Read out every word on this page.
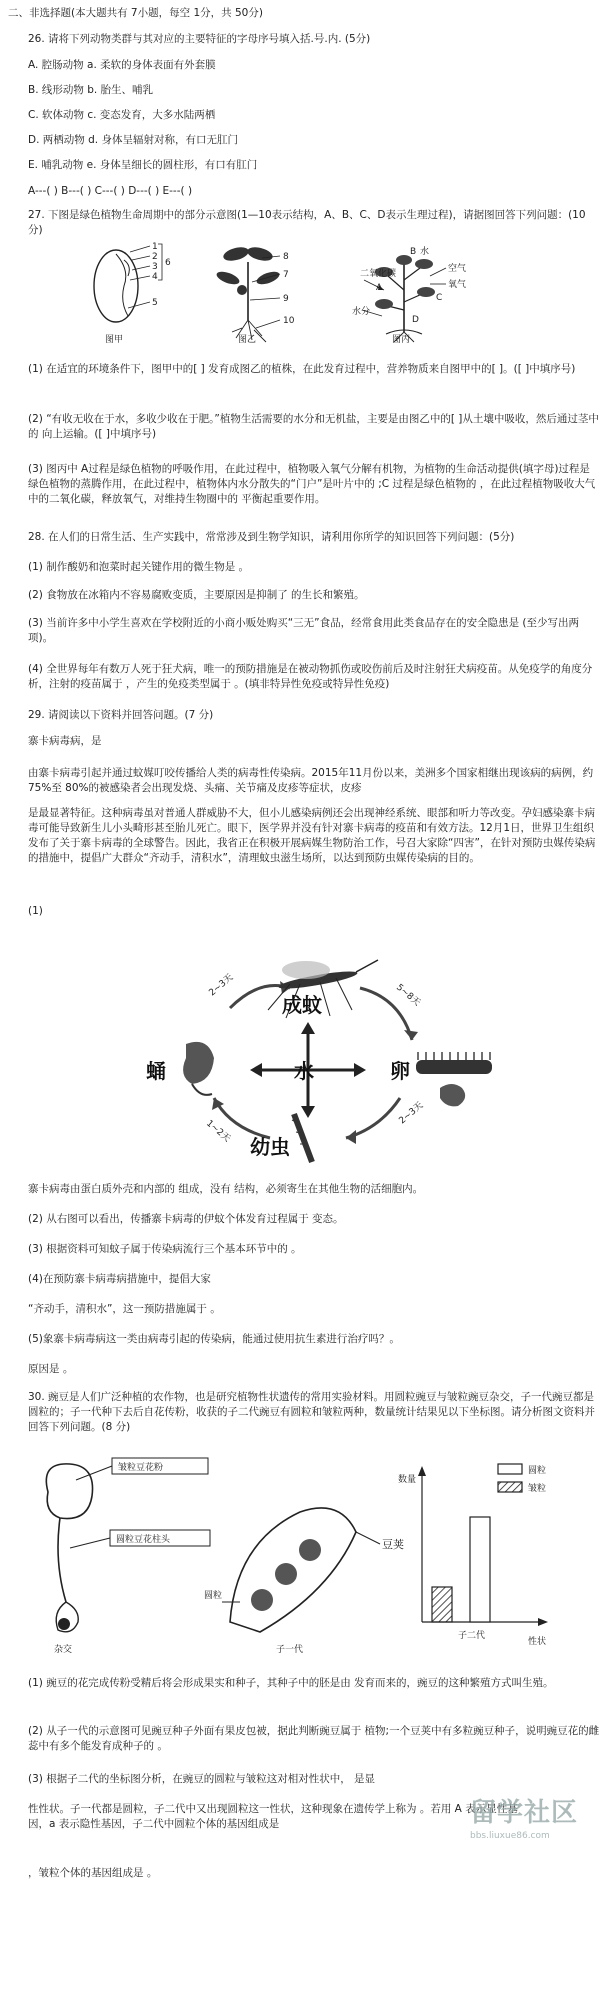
二、非选择题(本大题共有 7小题，每空 1分，共 50分)
26. 请将下列动物类群与其对应的主要特征的字母序号填入括.号.内. (5分)
A. 腔肠动物 a. 柔软的身体表面有外套膜
B. 线形动物 b. 胎生、哺乳
C. 软体动物 c. 变态发育，大多水陆两栖
D. 两栖动物 d. 身体呈辐射对称，有口无肛门
E. 哺乳动物 e. 身体呈细长的圆柱形，有口有肛门
A---( ) B---( ) C---( ) D---( ) E---( )
27. 下图是绿色植物生命周期中的部分示意图(1—10表示结构，A、B、C、D表示生理过程)，请据图回答下列问题：(10分)
1
2
3
4
6
5
图甲
8
7
9
10
图乙
二氧化碳
B 水
A
空气
氧气
C
水分
D
图丙
(1) 在适宜的环境条件下，图甲中的[ ] 发育成图乙的植株，在此发育过程中，营养物质来自图甲中的[ ]。([ ]中填序号)
(2) “有收无收在于水，多收少收在于肥。”植物生活需要的水分和无机盐，主要是由图乙中的[ ]从土壤中吸收，然后通过茎中的 向上运输。([ ]中填序号)
(3) 图丙中 A过程是绿色植物的呼吸作用，在此过程中，植物吸入氧气分解有机物，为植物的生命活动提供(填字母)过程是绿色植物的蒸腾作用，在此过程中，植物体内水分散失的“门户”是叶片中的 ;C 过程是绿色植物的 ，在此过程植物吸收大气中的二氧化碳，释放氧气，对维持生物圈中的 平衡起重要作用。
28. 在人们的日常生活、生产实践中，常常涉及到生物学知识，请利用你所学的知识回答下列问题：(5分)
(1) 制作酸奶和泡菜时起关键作用的微生物是 。
(2) 食物放在冰箱内不容易腐败变质，主要原因是抑制了 的生长和繁殖。
(3) 当前许多中小学生喜欢在学校附近的小商小贩处购买“三无”食品，经常食用此类食品存在的安全隐患是 (至少写出两项)。
(4) 全世界每年有数万人死于狂犬病，唯一的预防措施是在被动物抓伤或咬伤前后及时注射狂犬病疫苗。从免疫学的角度分析，注射的疫苗属于 ，产生的免疫类型属于 。(填非特异性免疫或特异性免疫)
29. 请阅读以下资料并回答问题。(7 分)
寨卡病毒病，是
由寨卡病毒引起并通过蚊媒叮咬传播给人类的病毒性传染病。2015年11月份以来，美洲多个国家相继出现该病的病例，约 75%至 80%的被感染者会出现发烧、头痛、关节痛及皮疹等症状，皮疹
是最显著特征。这种病毒虽对普通人群威胁不大，但小儿感染病例还会出现神经系统、眼部和听力等改变。孕妇感染寨卡病毒可能导致新生儿小头畸形甚至胎儿死亡。眼下，医学界并没有针对寨卡病毒的疫苗和有效方法。12月1日，世界卫生组织发布了关于寨卡病毒的全球警告。因此，我省正在积极开展病媒生物防治工作，号召大家除“四害”，在针对预防虫媒传染病的措施中，提倡广大群众“齐动手，清积水”，清理蚊虫滋生场所，以达到预防虫媒传染病的目的。
(1)
成蚊
蛹	水	卵
幼虫
2~3天	5~8天
2~3天
1~2天
寨卡病毒由蛋白质外壳和内部的 组成，没有 结构，必须寄生在其他生物的活细胞内。
(2) 从右图可以看出，传播寨卡病毒的伊蚊个体发育过程属于 变态。
(3) 根据资料可知蚊子属于传染病流行三个基本环节中的 。
(4)在预防寨卡病毒病措施中，提倡大家
“齐动手，清积水”，这一预防措施属于 。
(5)象寨卡病毒病这一类由病毒引起的传染病，能通过使用抗生素进行治疗吗？。
原因是 。
30. 豌豆是人们广泛种植的农作物，也是研究植物性状遗传的常用实验材料。用圆粒豌豆与皱粒豌豆杂交，子一代豌豆都是圆粒的；子一代种下去后自花传粉，收获的子二代豌豆有圆粒和皱粒两种，数量统计结果见以下坐标图。请分析图文资料并回答下列问题。(8 分)
皱粒豆花粉
圆粒豆花柱头
杂交
豆荚
圆粒
子一代
数量
性状
子二代
圆粒
皱粒
(1) 豌豆的花完成传粉受精后将会形成果实和种子，其种子中的胚是由 发育而来的，豌豆的这种繁殖方式叫生殖。
(2) 从子一代的示意图可见豌豆种子外面有果皮包被，据此判断豌豆属于 植物;一个豆荚中有多粒豌豆种子，说明豌豆花的雌蕊中有多个能发育成种子的 。
(3) 根据子二代的坐标图分析，在豌豆的圆粒与皱粒这对相对性状中， 是显
性性状。子一代都是圆粒，子二代中又出现圆粒这一性状，这种现象在遗传学上称为 。若用 A 表示显性基因，a 表示隐性基因，子二代中圆粒个体的基因组成是
，皱粒个体的基因组成是 。
留学社区
bbs.liuxue86.com
